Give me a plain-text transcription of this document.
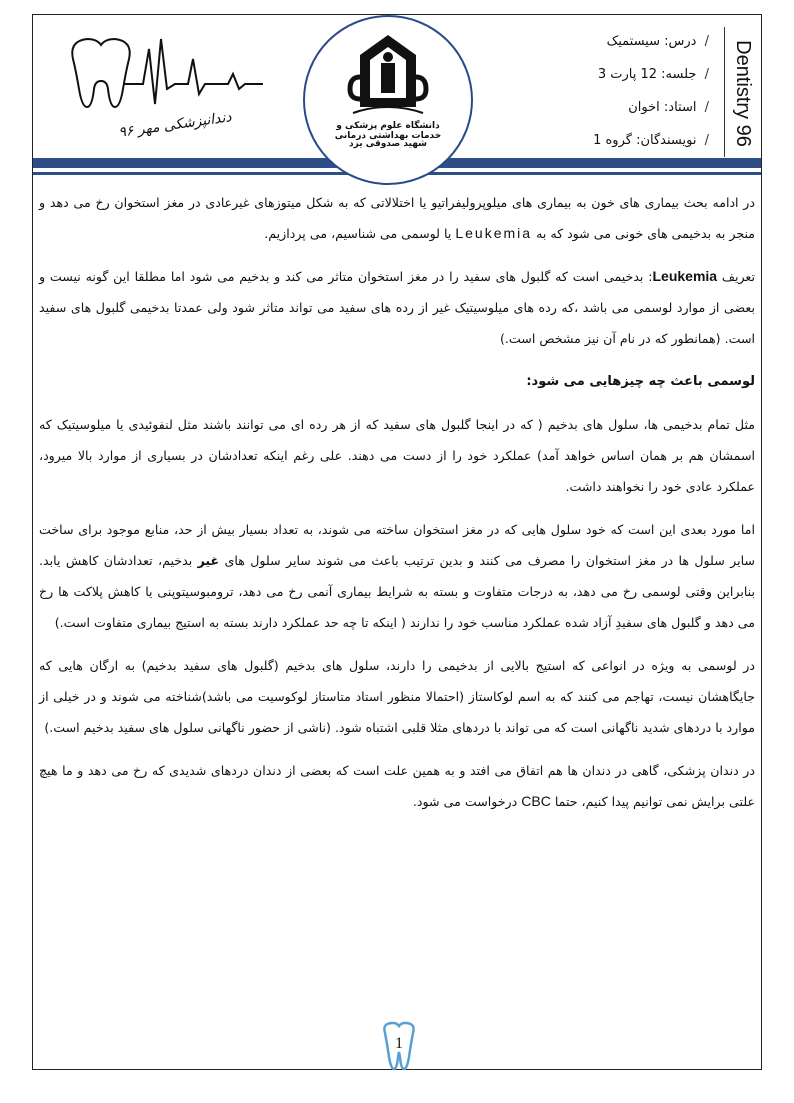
Dentistry 96
/ درس: سیستمیک
/ جلسه: 12 پارت 3
/ استاد: اخوان
/ نویسندگان: گروه 1
دانشگاه علوم پزشکی و خدمات بهداشتی درمانی
شهید صدوقی یزد
دندانپزشکی مهر ۹۶

در ادامه بحث بیماری های خون به بیماری های میلوپرولیفراتیو یا اختلالاتی که به شکل میتوزهای غیرعادی در مغز استخوان رخ می دهد و منجر به بدخیمی های خونی می شود که به Leukemia یا لوسمی می شناسیم، می پردازیم.

تعریف Leukemia: بدخیمی است که گلبول های سفید را در مغز استخوان متاثر می کند و بدخیم می شود اما مطلقا این گونه نیست و بعضی از موارد لوسمی می باشد ،که رده های میلوسیتیک غیر از رده های سفید می تواند متاثر شود ولی عمدتا بدخیمی گلبول های سفید است. (همانطور که در نام آن نیز مشخص است.)

لوسمی باعث چه چیزهایی می شود:

مثل تمام بدخیمی ها، سلول های بدخیم ( که در اینجا گلبول های سفید که از هر رده ای می توانند باشند مثل لنفوئیدی یا میلوسیتیک که اسمشان هم بر همان اساس خواهد آمد) عملکرد خود را از دست می دهند. علی رغم اینکه تعدادشان در بسیاری از موارد بالا میرود، عملکرد عادی خود را نخواهند داشت.

اما مورد بعدی این است که خود سلول هایی که در مغز استخوان ساخته می شوند، به تعداد بسیار بیش از حد، منابع موجود برای ساخت سایر سلول ها در مغز استخوان را مصرف می کنند و بدین ترتیب باعث می شوند سایر سلول های غیر بدخیم، تعدادشان کاهش یابد. بنابراین وقتی لوسمی رخ می دهد، به درجات متفاوت و بسته به شرایط بیماری آنمی رخ می دهد، ترومبوسیتوپنی یا کاهش پلاکت ها رخ می دهد و گلبول های سفیدِ آزاد شده عملکرد مناسب خود را ندارند ( اینکه تا چه حد عملکرد دارند بسته به استیج بیماری متفاوت است.)

در لوسمی به ویژه در انواعی که استیج بالایی از بدخیمی را دارند، سلول های بدخیم (گلبول های سفید بدخیم) به ارگان هایی که جایگاهشان نیست، تهاجم می کنند که به اسم لوکاستاز (احتمالا منظور استاد متاستاز لوکوسیت می باشد)شناخته می شوند و در خیلی از موارد با دردهای شدید ناگهانی است که می تواند با دردهای مثلا قلبی اشتباه شود. (ناشی از حضور ناگهانی سلول های سفید بدخیم است.)

در دندان پزشکی، گاهی در دندان ها هم اتفاق می افتد و به همین علت است که بعضی از دندان دردهای شدیدی که رخ می دهد و ما هیچ علتی برایش نمی توانیم پیدا کنیم، حتما CBC درخواست می شود.

1
